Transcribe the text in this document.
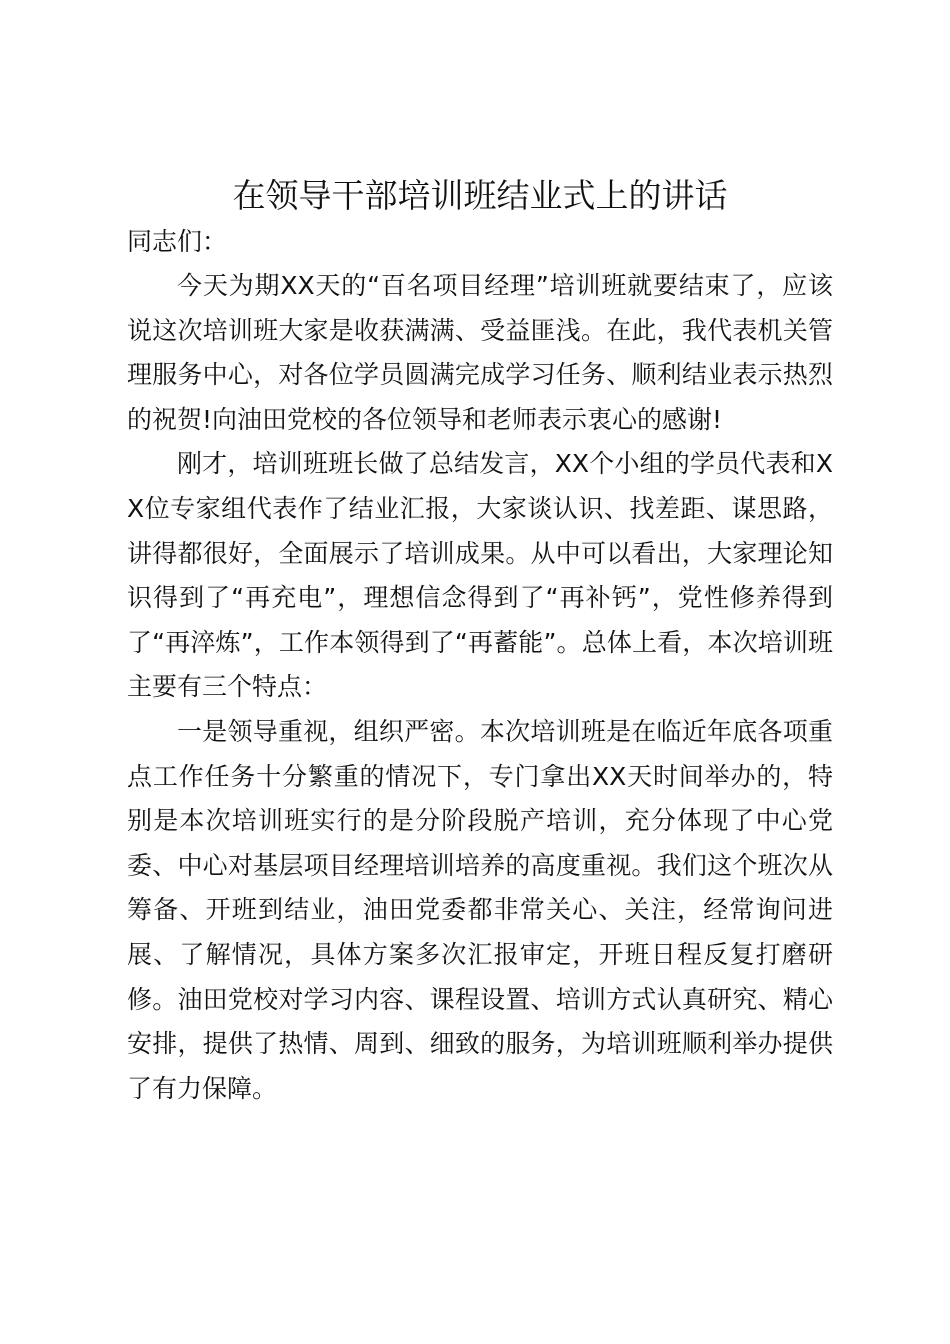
在领导干部培训班结业式上的讲话

同志们：

今天为期XX天的“百名项目经理”培训班就要结束了，应该说这次培训班大家是收获满满、受益匪浅。在此，我代表机关管理服务中心，对各位学员圆满完成学习任务、顺利结业表示热烈的祝贺!向油田党校的各位领导和老师表示衷心的感谢!

刚才，培训班班长做了总结发言，XX个小组的学员代表和XX位专家组代表作了结业汇报，大家谈认识、找差距、谋思路，讲得都很好，全面展示了培训成果。从中可以看出，大家理论知识得到了“再充电”，理想信念得到了“再补钙”，党性修养得到了“再淬炼”，工作本领得到了“再蓄能”。总体上看，本次培训班主要有三个特点：

一是领导重视，组织严密。本次培训班是在临近年底各项重点工作任务十分繁重的情况下，专门拿出XX天时间举办的，特别是本次培训班实行的是分阶段脱产培训，充分体现了中心党委、中心对基层项目经理培训培养的高度重视。我们这个班次从筹备、开班到结业，油田党委都非常关心、关注，经常询问进展、了解情况，具体方案多次汇报审定，开班日程反复打磨研修。油田党校对学习内容、课程设置、培训方式认真研究、精心安排，提供了热情、周到、细致的服务，为培训班顺利举办提供了有力保障。
